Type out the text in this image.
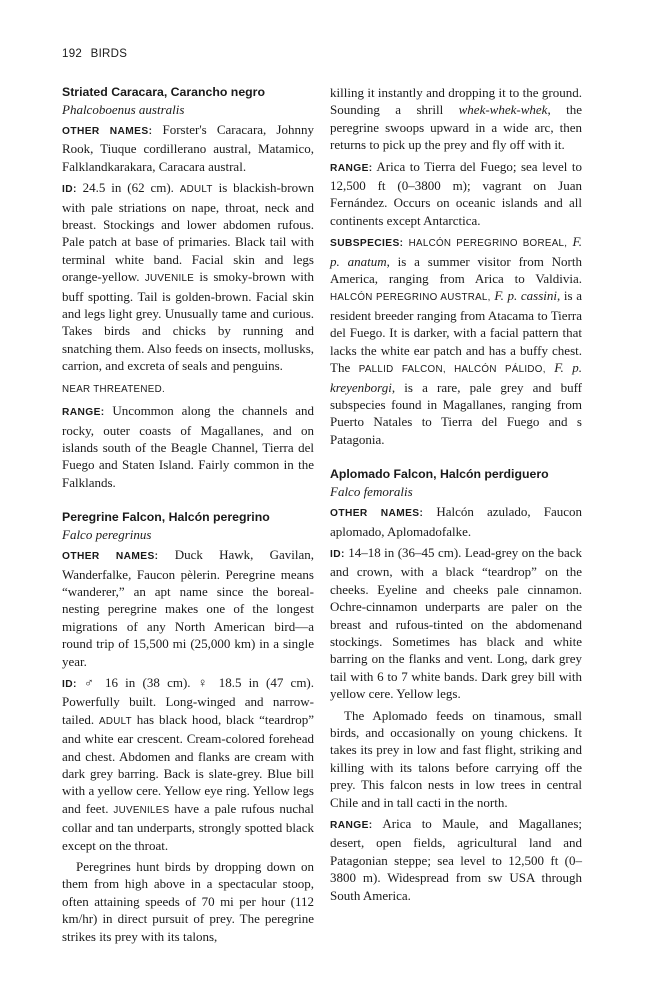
192 BIRDS
Striated Caracara, Carancho negro

Phalcoboenus australis

OTHER NAMES: Forster's Caracara, Johnny Rook, Tiuque cordillerano austral, Matamico, Falklandkarakara, Caracara austral.

ID: 24.5 in (62 cm). ADULT is blackish-brown with pale striations on nape, throat, neck and breast. Stockings and lower abdomen rufous. Pale patch at base of primaries. Black tail with terminal white band. Facial skin and legs orange-yellow. JUVENILE is smoky-brown with buff spotting. Tail is golden-brown. Facial skin and legs light grey. Unusually tame and curious. Takes birds and chicks by running and snatching them. Also feeds on insects, mollusks, carrion, and excreta of seals and penguins.

NEAR THREATENED.

RANGE: Uncommon along the channels and rocky, outer coasts of Magallanes, and on islands south of the Beagle Channel, Tierra del Fuego and Staten Island. Fairly common in the Falklands.

Peregrine Falcon, Halcón peregrino

Falco peregrinus

OTHER NAMES: Duck Hawk, Gavilan, Wanderfalke, Faucon pèlerin. Peregrine means “wanderer,” an apt name since the boreal-nesting peregrine makes one of the longest migrations of any North American bird—a round trip of 15,500 mi (25,000 km) in a single year.

ID: ♂ 16 in (38 cm). ♀ 18.5 in (47 cm). Powerfully built. Long-winged and narrow-tailed. ADULT has black hood, black “teardrop” and white ear crescent. Cream-colored forehead and chest. Abdomen and flanks are cream with dark grey barring. Back is slate-grey. Blue bill with a yellow cere. Yellow eye ring. Yellow legs and feet. JUVENILES have a pale rufous nuchal collar and tan underparts, strongly spotted black except on the throat.

Peregrines hunt birds by dropping down on them from high above in a spectacular stoop, often attaining speeds of 70 mi per hour (112 km/hr) in direct pursuit of prey. The peregrine strikes its prey with its talons,

killing it instantly and dropping it to the ground. Sounding a shrill whek-whek-whek, the peregrine swoops upward in a wide arc, then returns to pick up the prey and fly off with it.

RANGE: Arica to Tierra del Fuego; sea level to 12,500 ft (0–3800 m); vagrant on Juan Fernández. Occurs on oceanic islands and all continents except Antarctica.

SUBSPECIES: HALCÓN PEREGRINO BOREAL, F. p. anatum, is a summer visitor from North America, ranging from Arica to Valdivia. HALCÓN PEREGRINO AUSTRAL, F. p. cassini, is a resident breeder ranging from Atacama to Tierra del Fuego. It is darker, with a facial pattern that lacks the white ear patch and has a buffy chest. The PALLID FALCON, HALCÓN PÁLIDO, F. p. kreyenborgi, is a rare, pale grey and buff subspecies found in Magallanes, ranging from Puerto Natales to Tierra del Fuego and s Patagonia.

Aplomado Falcon, Halcón perdiguero

Falco femoralis

OTHER NAMES: Halcón azulado, Faucon aplomado, Aplomadofalke.

ID: 14–18 in (36–45 cm). Lead-grey on the back and crown, with a black “teardrop” on the cheeks. Eyeline and cheeks pale cinnamon. Ochre-cinnamon underparts are paler on the breast and rufous-tinted on the abdomenand stockings. Sometimes has black and white barring on the flanks and vent. Long, dark grey tail with 6 to 7 white bands. Dark grey bill with yellow cere. Yellow legs.

The Aplomado feeds on tinamous, small birds, and occasionally on young chickens. It takes its prey in low and fast flight, striking and killing with its talons before carrying off the prey. This falcon nests in low trees in central Chile and in tall cacti in the north.

RANGE: Arica to Maule, and Magallanes; desert, open fields, agricultural land and Patagonian steppe; sea level to 12,500 ft (0–3800 m). Widespread from sw USA through South America.
